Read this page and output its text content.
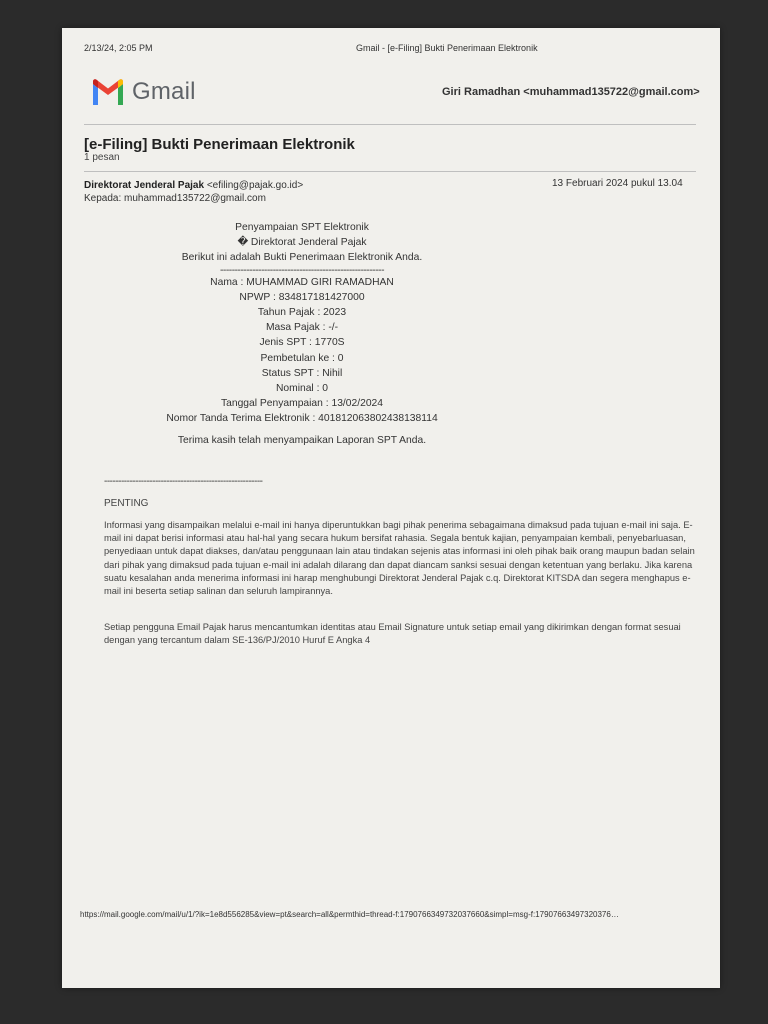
2/13/24, 2:05 PM	Gmail - [e-Filing] Bukti Penerimaan Elektronik
Gmail	Giri Ramadhan <muhammad135722@gmail.com>
[e-Filing] Bukti Penerimaan Elektronik
1 pesan
Direktorat Jenderal Pajak <efiling@pajak.go.id>	13 Februari 2024 pukul 13.04
Kepada: muhammad135722@gmail.com
Penyampaian SPT Elektronik
� Direktorat Jenderal Pajak
Berikut ini adalah Bukti Penerimaan Elektronik Anda.
--------------------------------------------------------
Nama : MUHAMMAD GIRI RAMADHAN
NPWP : 834817181427000
Tahun Pajak : 2023
Masa Pajak : -/-
Jenis SPT : 1770S
Pembetulan ke : 0
Status SPT : Nihil
Nominal : 0
Tanggal Penyampaian : 13/02/2024
Nomor Tanda Terima Elektronik : 401812063802438138114
Terima kasih telah menyampaikan Laporan SPT Anda.
--------------------------------------------------------
PENTING
Informasi yang disampaikan melalui e-mail ini hanya diperuntukkan bagi pihak penerima sebagaimana dimaksud pada tujuan e-mail ini saja. E-mail ini dapat berisi informasi atau hal-hal yang secara hukum bersifat rahasia. Segala bentuk kajian, penyampaian kembali, penyebarluasan, penyediaan untuk dapat diakses, dan/atau penggunaan lain atau tindakan sejenis atas informasi ini oleh pihak baik orang maupun badan selain dari pihak yang dimaksud pada tujuan e-mail ini adalah dilarang dan dapat diancam sanksi sesuai dengan ketentuan yang berlaku. Jika karena suatu kesalahan anda menerima informasi ini harap menghubungi Direktorat Jenderal Pajak c.q. Direktorat KITSDA dan segera menghapus e-mail ini beserta setiap salinan dan seluruh lampirannya.
Setiap pengguna Email Pajak harus mencantumkan identitas atau Email Signature untuk setiap email yang dikirimkan dengan format sesuai dengan yang tercantum dalam SE-136/PJ/2010 Huruf E Angka 4
https://mail.google.com/mail/u/1/?ik=1e8d556285&view=pt&search=all&permthid=thread-f:1790766349732037660&simpl=msg-f:17907663497320376…
